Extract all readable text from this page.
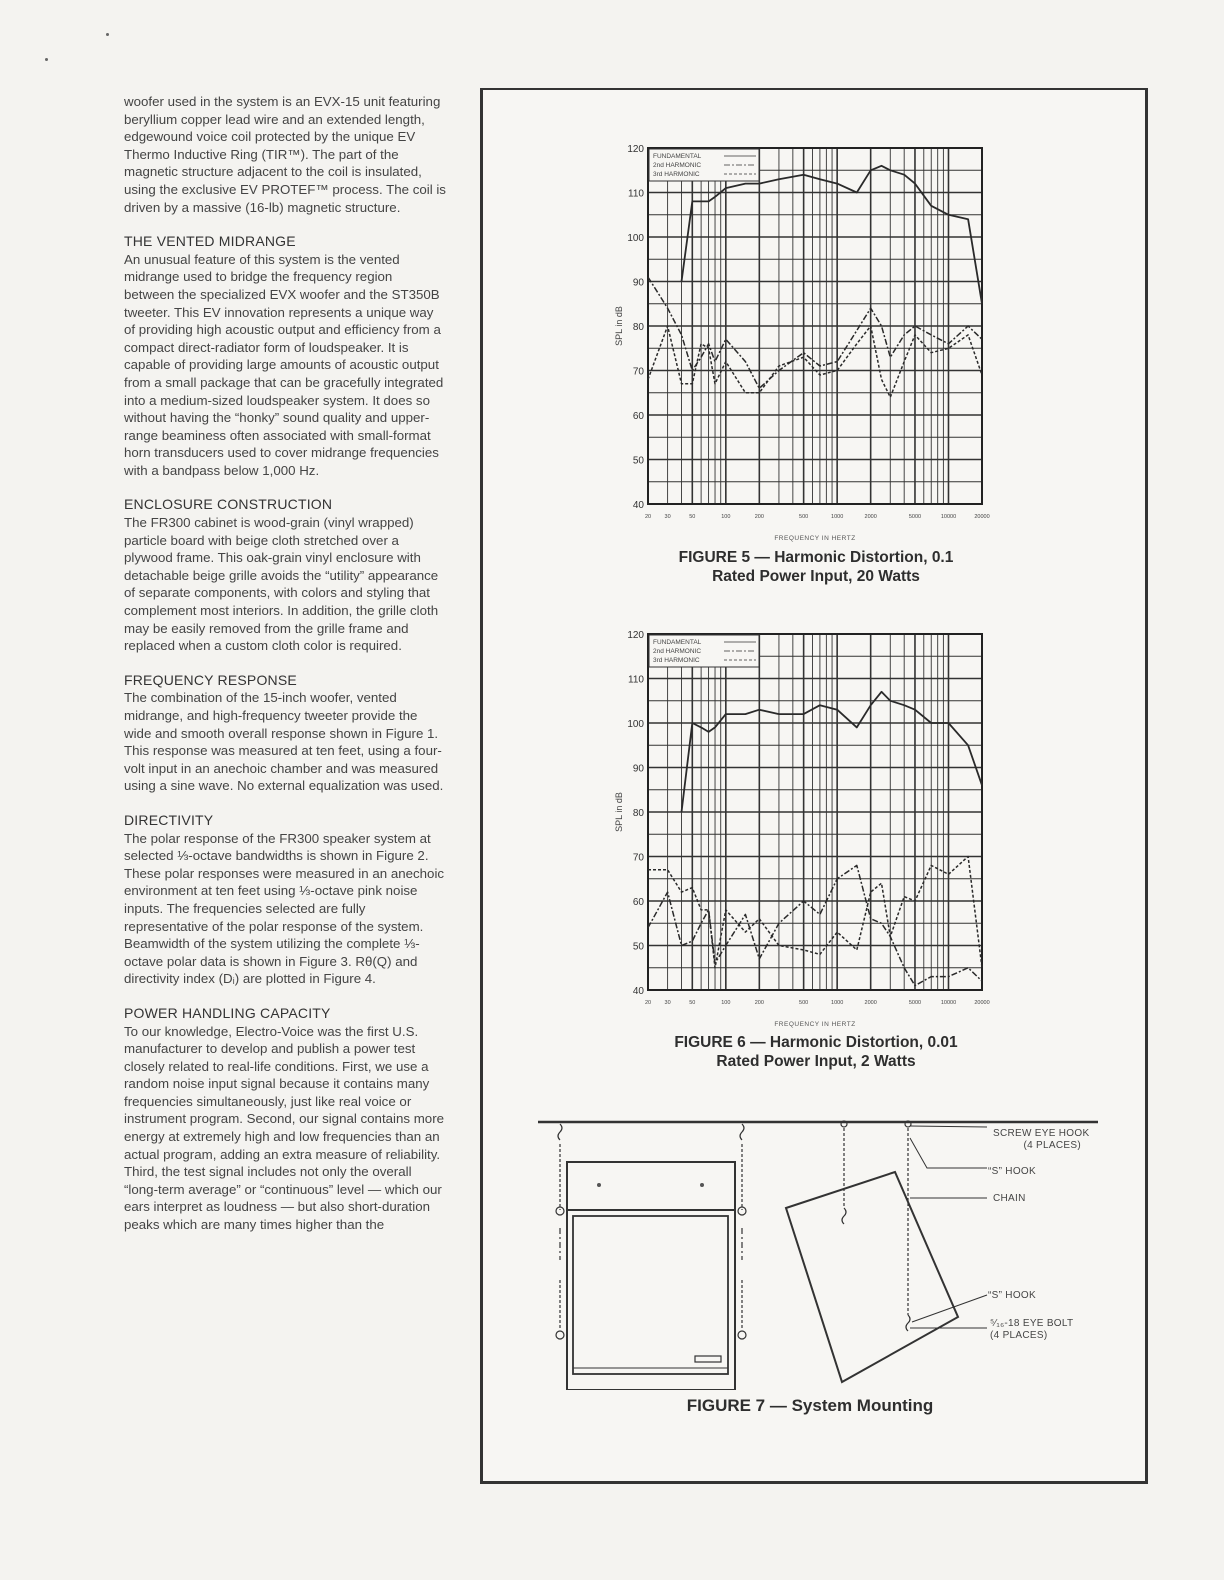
woofer used in the system is an EVX-15 unit featuring beryllium copper lead wire and an extended length, edgewound voice coil protected by the unique EV Thermo Inductive Ring (TIR™). The part of the magnetic structure adjacent to the coil is insulated, using the exclusive EV PROTEF™ process. The coil is driven by a massive (16-lb) magnetic structure.

THE VENTED MIDRANGE

An unusual feature of this system is the vented midrange used to bridge the frequency region between the specialized EVX woofer and the ST350B tweeter. This EV innovation represents a unique way of providing high acoustic output and efficiency from a compact direct-radiator form of loudspeaker. It is capable of providing large amounts of acoustic output from a small package that can be gracefully integrated into a medium-sized loudspeaker system. It does so without having the “honky” sound quality and upper-range beaminess often associated with small-format horn transducers used to cover midrange frequencies with a bandpass below 1,000 Hz.

ENCLOSURE CONSTRUCTION

The FR300 cabinet is wood-grain (vinyl wrapped) particle board with beige cloth stretched over a plywood frame. This oak-grain vinyl enclosure with detachable beige grille avoids the “utility” appearance of separate components, with colors and styling that complement most interiors. In addition, the grille cloth may be easily removed from the grille frame and replaced when a custom cloth color is required.

FREQUENCY RESPONSE

The combination of the 15-inch woofer, vented midrange, and high-frequency tweeter provide the wide and smooth overall response shown in Figure 1. This response was measured at ten feet, using a four-volt input in an anechoic chamber and was measured using a sine wave. No external equalization was used.

DIRECTIVITY

The polar response of the FR300 speaker system at selected ⅓-octave bandwidths is shown in Figure 2. These polar responses were measured in an anechoic environment at ten feet using ⅓-octave pink noise inputs. The frequencies selected are fully representative of the polar response of the system. Beamwidth of the system utilizing the complete ⅓-octave polar data is shown in Figure 3. Rθ(Q) and directivity index (Dᵢ) are plotted in Figure 4.

POWER HANDLING CAPACITY

To our knowledge, Electro-Voice was the first U.S. manufacturer to develop and publish a power test closely related to real-life conditions. First, we use a random noise input signal because it contains many frequencies simultaneously, just like real voice or instrument program. Second, our signal contains more energy at extremely high and low frequencies than an actual program, adding an extra measure of reliability. Third, the test signal includes not only the overall “long-term average” or “continuous” level — which our ears interpret as loudness — but also short-duration peaks which are many times higher than the

40
50
60
70
80
90
100
110
120
20 30	50	100	200	500	1000	2000	5000	10000	20000
FREQUENCY IN HERTZ
SPL in dB
FUNDAMENTAL
2nd HARMONIC
3rd HARMONIC
FIGURE 5 — Harmonic Distortion, 0.1
Rated Power Input, 20 Watts
40
50
60
70
80
90
100
110
120
20 30	50	100	200	500	1000	2000	5000	10000	20000
FREQUENCY IN HERTZ
SPL in dB
FUNDAMENTAL
2nd HARMONIC
3rd HARMONIC
FIGURE 6 — Harmonic Distortion, 0.01
Rated Power Input, 2 Watts
SCREW EYE HOOK
(4 PLACES)
“S” HOOK
CHAIN
“S” HOOK
⁵⁄₁₆-18 EYE BOLT
(4 PLACES)
FIGURE 7 — System Mounting
